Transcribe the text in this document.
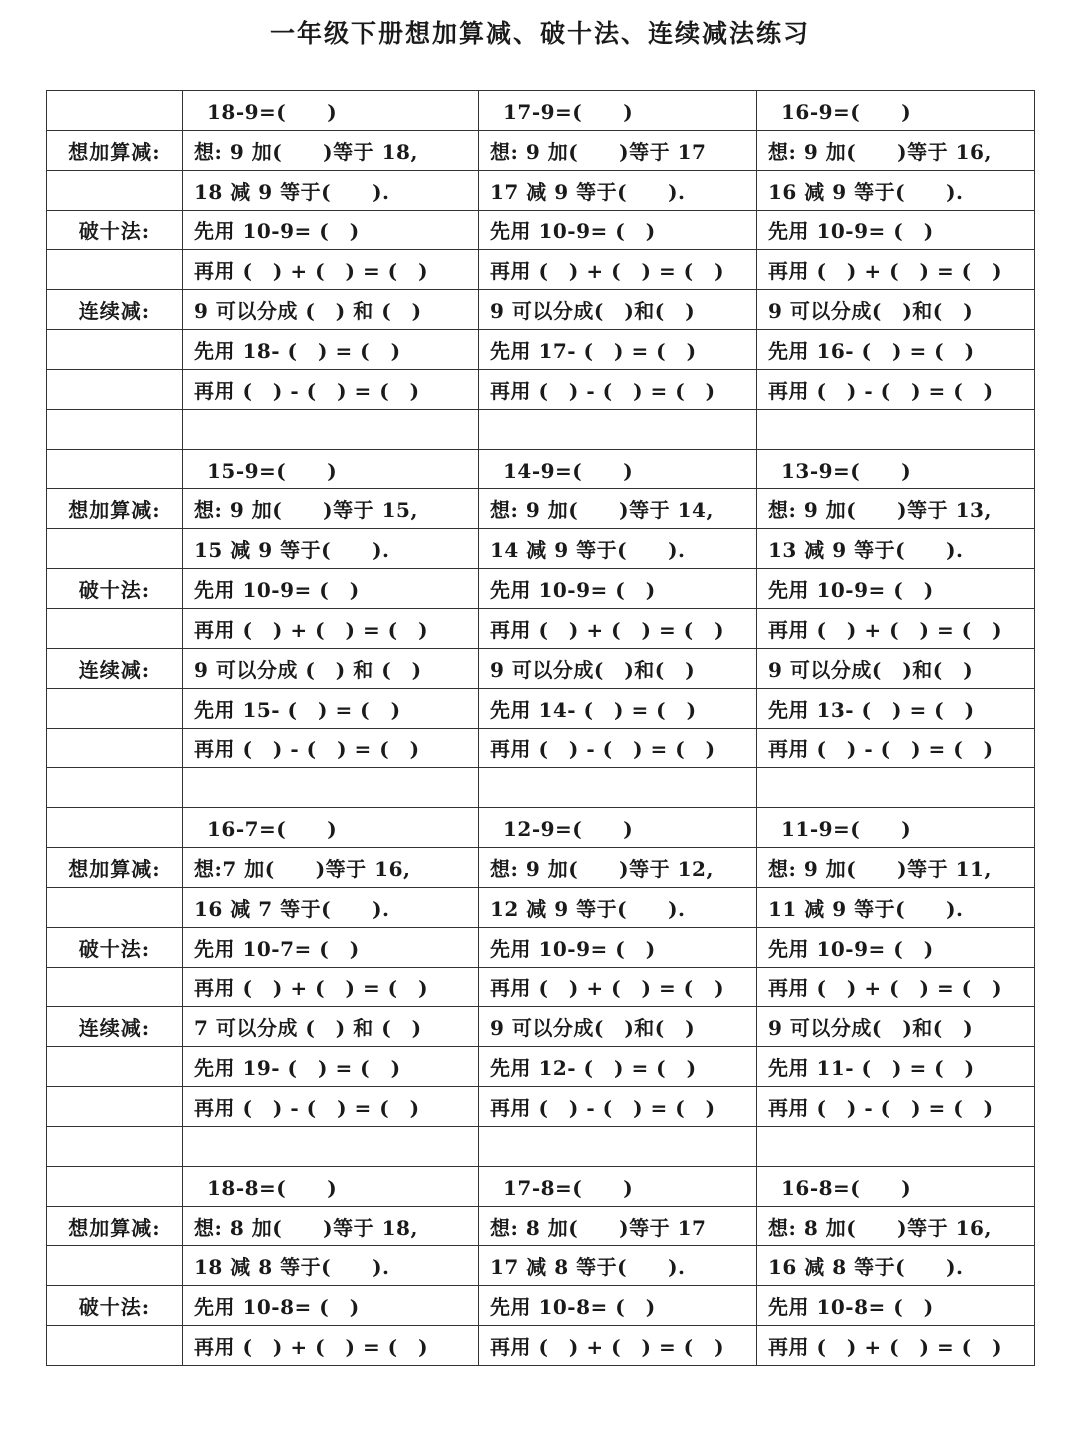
一年级下册想加算减、破十法、连续减法练习
	18-9=(　　)	17-9=(　　)	16-9=(　　)
想加算减:	想: 9 加(　　)等于 18,	想: 9 加(　　)等于 17	想: 9 加(　　)等于 16,
	18 减 9 等于(　　).	17 减 9 等于(　　).	16 减 9 等于(　　).
破十法:	先用 10-9= (　)	先用 10-9= (　)	先用 10-9= (　)
	再用 (　) + (　) = (　)	再用 (　) + (　) = (　)	再用 (　) + (　) = (　)
连续减:	9 可以分成 (　) 和 (　)	9 可以分成(　)和(　)	9 可以分成(　)和(　)
	先用 18- (　) = (　)	先用 17- (　) = (　)	先用 16- (　) = (　)
	再用 (　) - (　) = (　)	再用 (　) - (　) = (　)	再用 (　) - (　) = (　)

	15-9=(　　)	14-9=(　　)	13-9=(　　)
想加算减:	想: 9 加(　　)等于 15,	想: 9 加(　　)等于 14,	想: 9 加(　　)等于 13,
	15 减 9 等于(　　).	14 减 9 等于(　　).	13 减 9 等于(　　).
破十法:	先用 10-9= (　)	先用 10-9= (　)	先用 10-9= (　)
	再用 (　) + (　) = (　)	再用 (　) + (　) = (　)	再用 (　) + (　) = (　)
连续减:	9 可以分成 (　) 和 (　)	9 可以分成(　)和(　)	9 可以分成(　)和(　)
	先用 15- (　) = (　)	先用 14- (　) = (　)	先用 13- (　) = (　)
	再用 (　) - (　) = (　)	再用 (　) - (　) = (　)	再用 (　) - (　) = (　)

	16-7=(　　)	12-9=(　　)	11-9=(　　)
想加算减:	想:7 加(　　)等于 16,	想: 9 加(　　)等于 12,	想: 9 加(　　)等于 11,
	16 减 7 等于(　　).	12 减 9 等于(　　).	11 减 9 等于(　　).
破十法:	先用 10-7= (　)	先用 10-9= (　)	先用 10-9= (　)
	再用 (　) + (　) = (　)	再用 (　) + (　) = (　)	再用 (　) + (　) = (　)
连续减:	7 可以分成 (　) 和 (　)	9 可以分成(　)和(　)	9 可以分成(　)和(　)
	先用 19- (　) = (　)	先用 12- (　) = (　)	先用 11- (　) = (　)
	再用 (　) - (　) = (　)	再用 (　) - (　) = (　)	再用 (　) - (　) = (　)

	18-8=(　　)	17-8=(　　)	16-8=(　　)
想加算减:	想: 8 加(　　)等于 18,	想: 8 加(　　)等于 17	想: 8 加(　　)等于 16,
	18 减 8 等于(　　).	17 减 8 等于(　　).	16 减 8 等于(　　).
破十法:	先用 10-8= (　)	先用 10-8= (　)	先用 10-8= (　)
	再用 (　) + (　) = (　)	再用 (　) + (　) = (　)	再用 (　) + (　) = (　)
